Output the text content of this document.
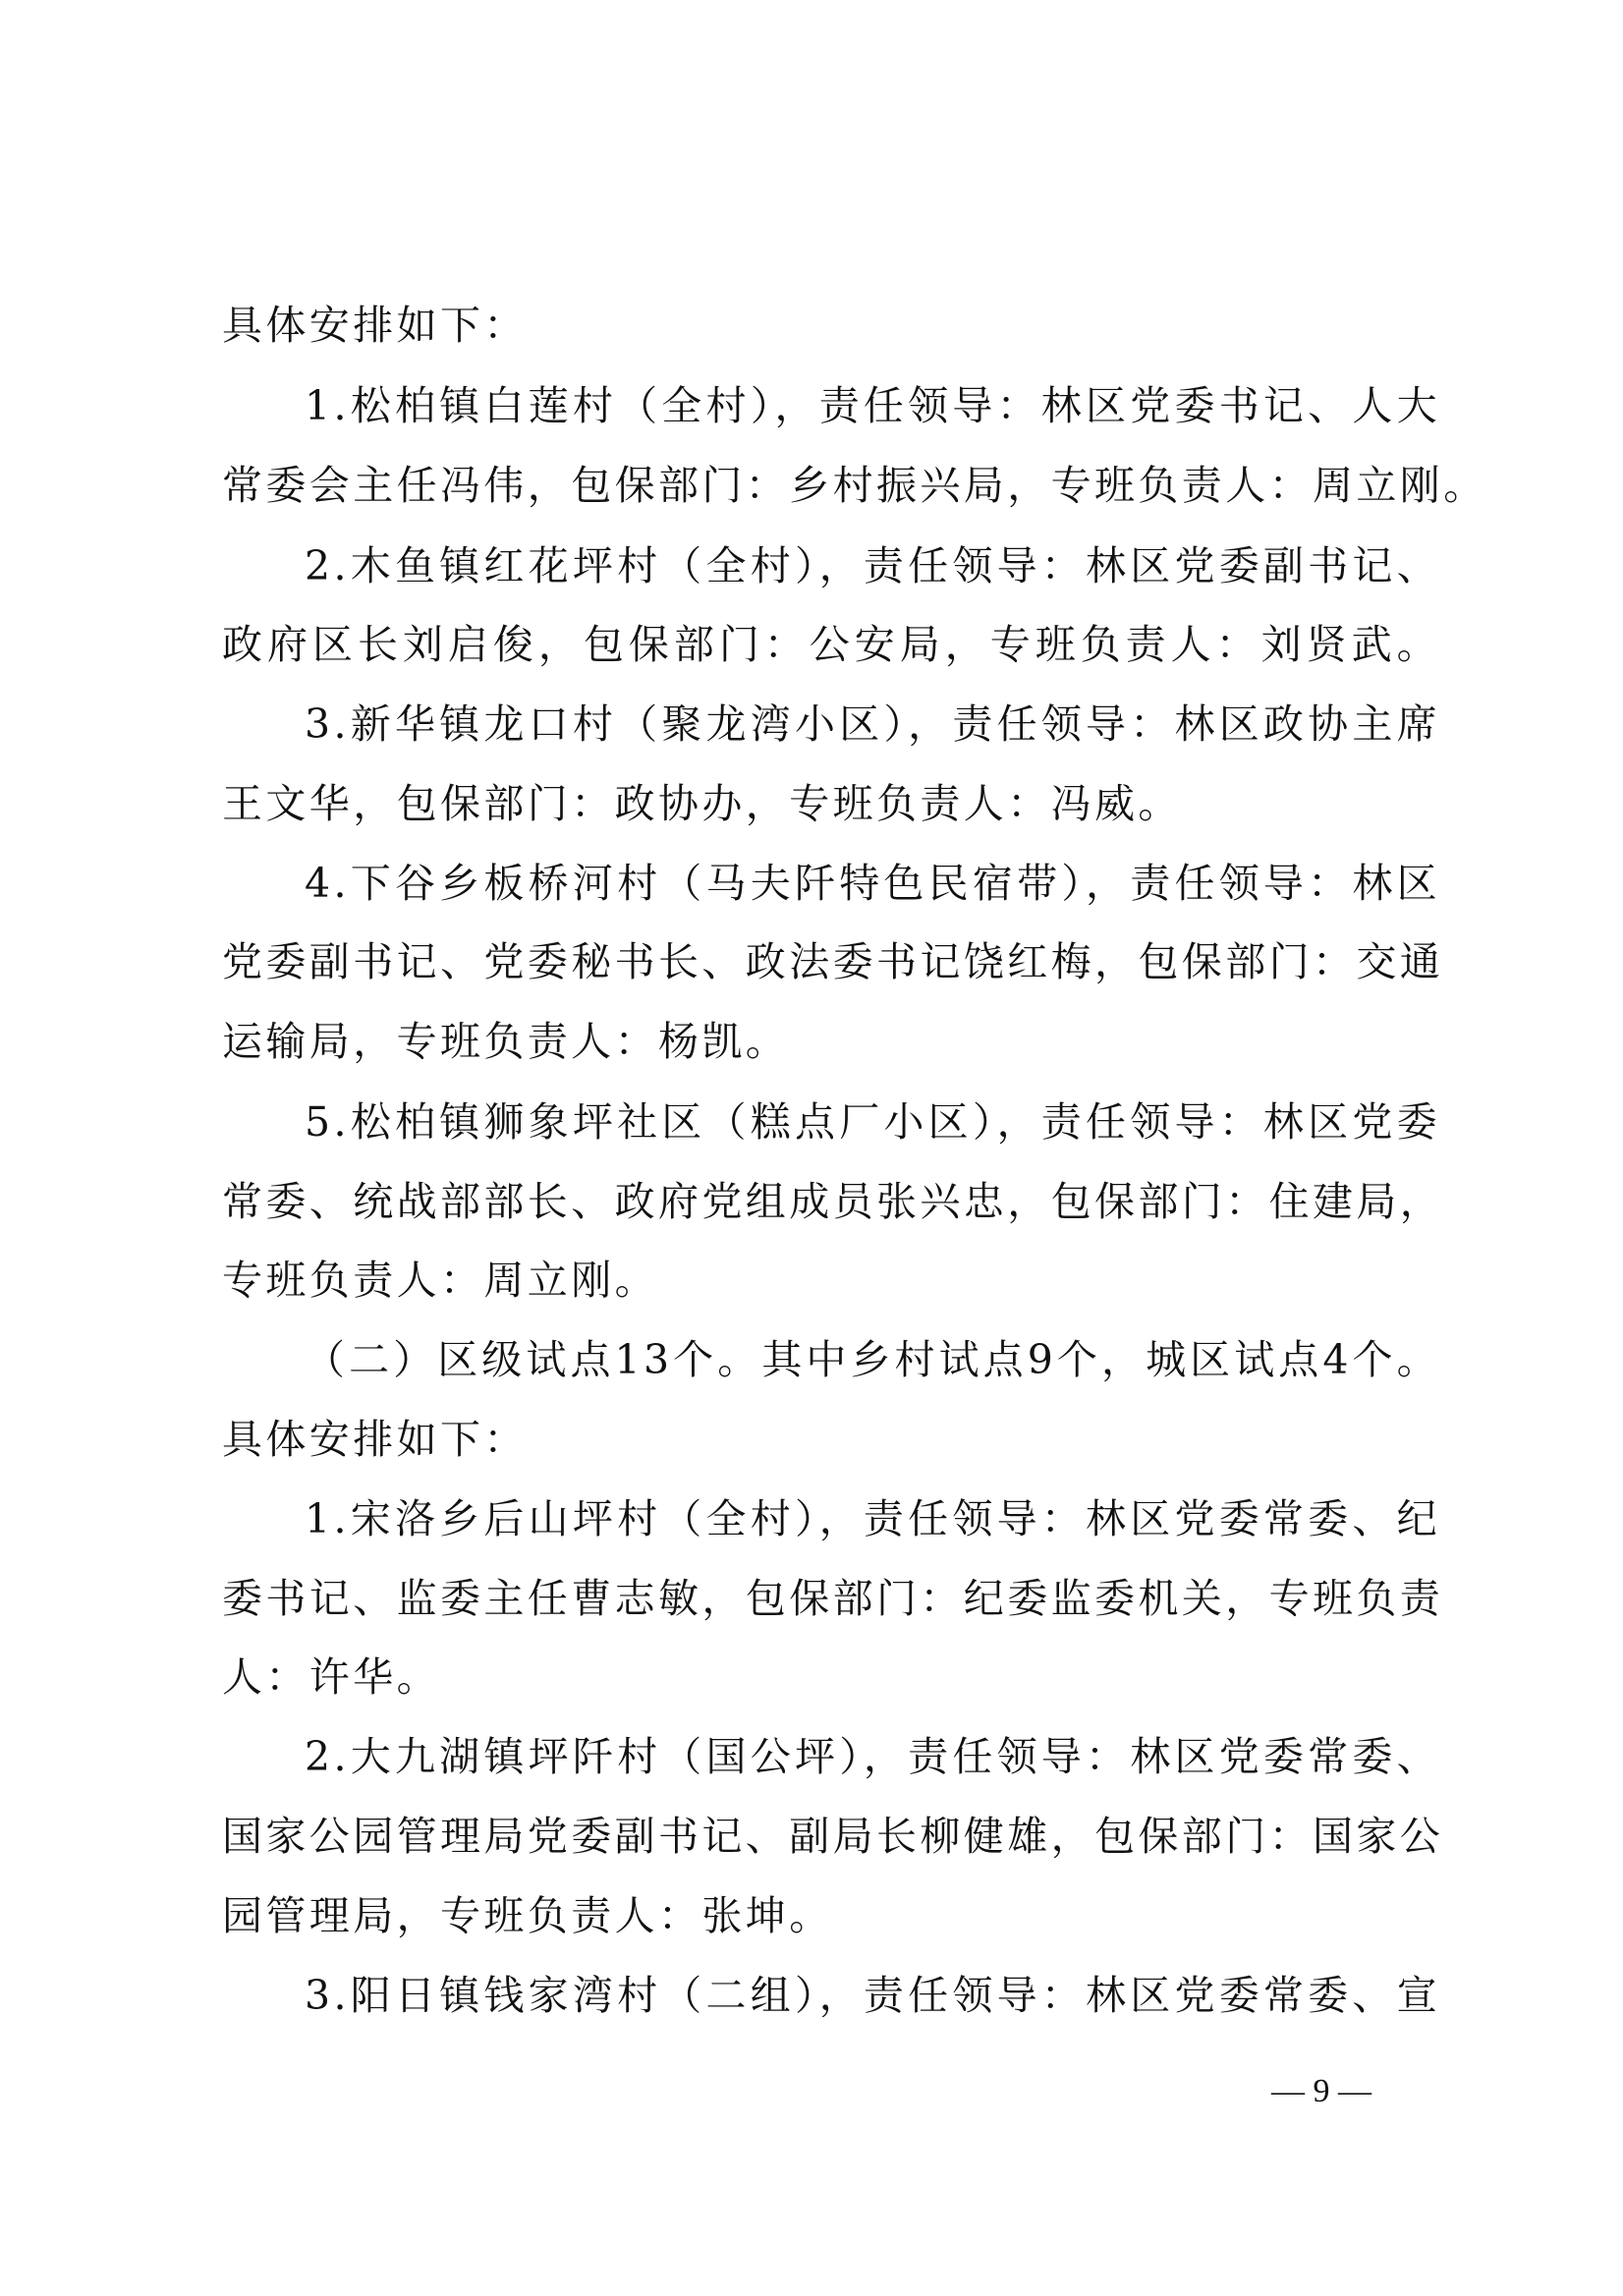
具体安排如下：
1.松柏镇白莲村（全村），责任领导：林区党委书记、人大
常委会主任冯伟，包保部门：乡村振兴局，专班负责人：周立刚。
2.木鱼镇红花坪村（全村），责任领导：林区党委副书记、
政府区长刘启俊，包保部门：公安局，专班负责人：刘贤武。
3.新华镇龙口村（聚龙湾小区），责任领导：林区政协主席
王文华，包保部门：政协办，专班负责人：冯威。
4.下谷乡板桥河村（马夫阡特色民宿带），责任领导：林区
党委副书记、党委秘书长、政法委书记饶红梅，包保部门：交通
运输局，专班负责人：杨凯。
5.松柏镇狮象坪社区（糕点厂小区），责任领导：林区党委
常委、统战部部长、政府党组成员张兴忠，包保部门：住建局，
专班负责人：周立刚。
（二）区级试点13个。其中乡村试点9个，城区试点4个。
具体安排如下：
1.宋洛乡后山坪村（全村），责任领导：林区党委常委、纪
委书记、监委主任曹志敏，包保部门：纪委监委机关，专班负责
人：许华。
2.大九湖镇坪阡村（国公坪），责任领导：林区党委常委、
国家公园管理局党委副书记、副局长柳健雄，包保部门：国家公
园管理局，专班负责人：张坤。
3.阳日镇钱家湾村（二组），责任领导：林区党委常委、宣
— 9 —
